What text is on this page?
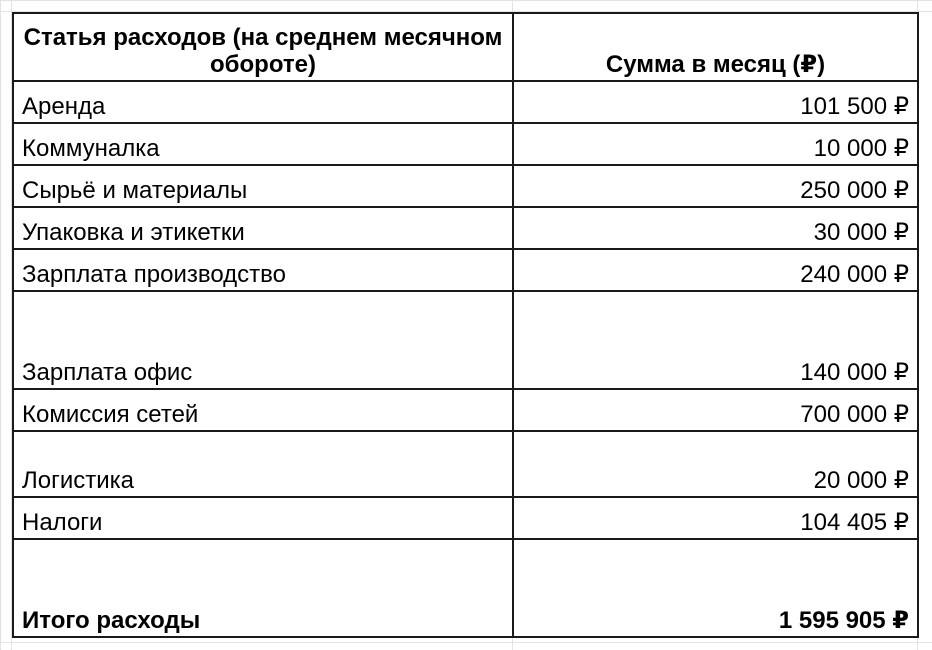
Статья расходов (на среднем месячном обороте)	Сумма в месяц (₽)
Аренда	101 500 ₽
Коммуналка	10 000 ₽
Сырьё и материалы	250 000 ₽
Упаковка и этикетки	30 000 ₽
Зарплата производство	240 000 ₽
Зарплата офис	140 000 ₽
Комиссия сетей	700 000 ₽
Логистика	20 000 ₽
Налоги	104 405 ₽
Итого расходы	1 595 905 ₽
